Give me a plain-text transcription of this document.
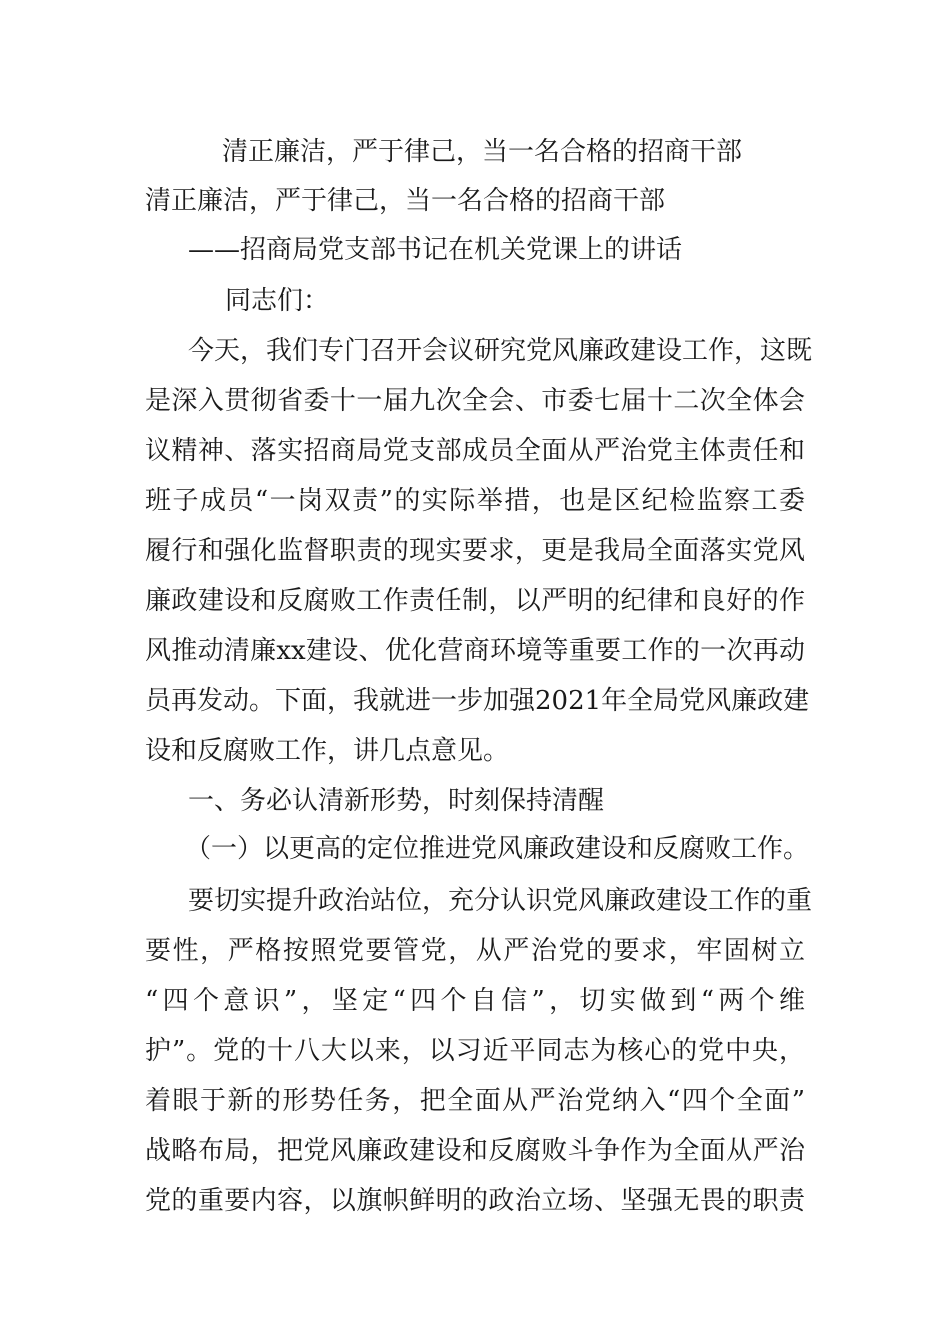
清正廉洁，严于律己，当一名合格的招商干部
清正廉洁，严于律己，当一名合格的招商干部
——招商局党支部书记在机关党课上的讲话
同志们：
今天，我们专门召开会议研究党风廉政建设工作，这既
是深入贯彻省委十一届九次全会、市委七届十二次全体会
议精神、落实招商局党支部成员全面从严治党主体责任和
班子成员“一岗双责”的实际举措，也是区纪检监察工委
履行和强化监督职责的现实要求，更是我局全面落实党风
廉政建设和反腐败工作责任制，以严明的纪律和良好的作
风推动清廉xx建设、优化营商环境等重要工作的一次再动
员再发动。下面，我就进一步加强2021年全局党风廉政建
设和反腐败工作，讲几点意见。
一、务必认清新形势，时刻保持清醒
（一）以更高的定位推进党风廉政建设和反腐败工作。
要切实提升政治站位，充分认识党风廉政建设工作的重
要性，严格按照党要管党，从严治党的要求，牢固树立
“四个意识”，坚定“四个自信”，切实做到“两个维
护”。党的十八大以来，以习近平同志为核心的党中央，
着眼于新的形势任务，把全面从严治党纳入“四个全面”
战略布局，把党风廉政建设和反腐败斗争作为全面从严治
党的重要内容，以旗帜鲜明的政治立场、坚强无畏的职责
